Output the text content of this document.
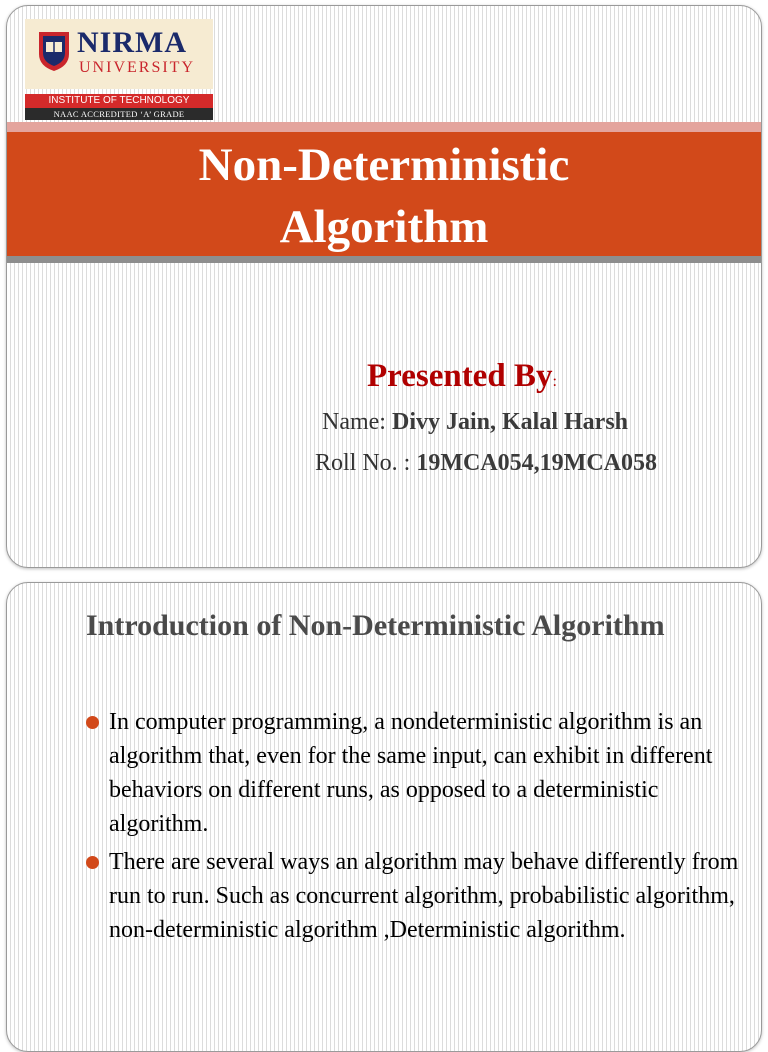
NIRMA
UNIVERSITY
INSTITUTE OF TECHNOLOGY
NAAC ACCREDITED ‘A’ GRADE
Non-Deterministic
Algorithm
Presented By:
Name: Divy Jain, Kalal Harsh
Roll No. : 19MCA054,19MCA058
Introduction of Non-Deterministic Algorithm
In computer programming, a nondeterministic algorithm is an algorithm that, even for the same input, can exhibit in different behaviors on different runs, as opposed to a deterministic algorithm.
There are several ways an algorithm may behave differently from run to run. Such as concurrent algorithm, probabilistic algorithm, non-deterministic algorithm ,Deterministic algorithm.
